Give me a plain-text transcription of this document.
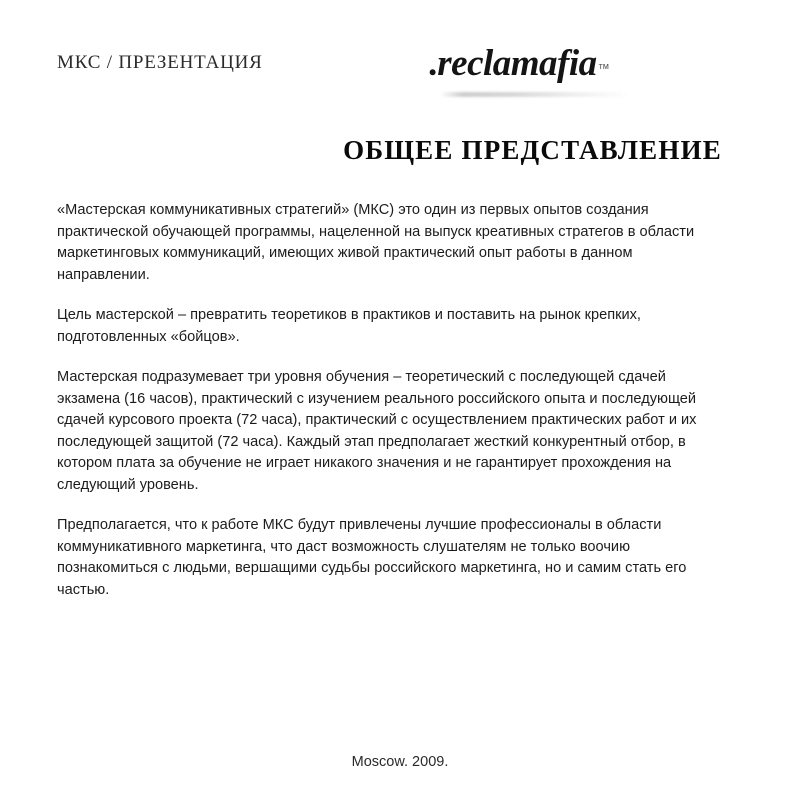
МКС / ПРЕЗЕНТАЦИЯ	.reclamafia $^{тм}$
ОБЩЕЕ ПРЕДСТАВЛЕНИЕ

«Мастерская коммуникативных стратегий» (МКС) это один из первых опытов создания практической обучающей программы, нацеленной на выпуск креативных стратегов в области маркетинговых коммуникаций, имеющих живой практический опыт работы в данном направлении.

Цель мастерской – превратить теоретиков в практиков и поставить на рынок крепких, подготовленных «бойцов».

Мастерская подразумевает три уровня обучения – теоретический с последующей сдачей экзамена (16 часов), практический с изучением реального российского опыта и последующей сдачей курсового проекта (72 часа), практический с осуществлением практических работ и их последующей защитой (72 часа). Каждый этап предполагает жесткий конкурентный отбор, в котором плата за обучение не играет никакого значения и не гарантирует прохождения на следующий уровень.

Предполагается, что к работе МКС будут привлечены лучшие профессионалы в области коммуникативного маркетинга, что даст возможность слушателям не только воочию познакомиться с людьми, вершащими судьбы российского маркетинга, но и самим стать его частью.

Moscow. 2009.
